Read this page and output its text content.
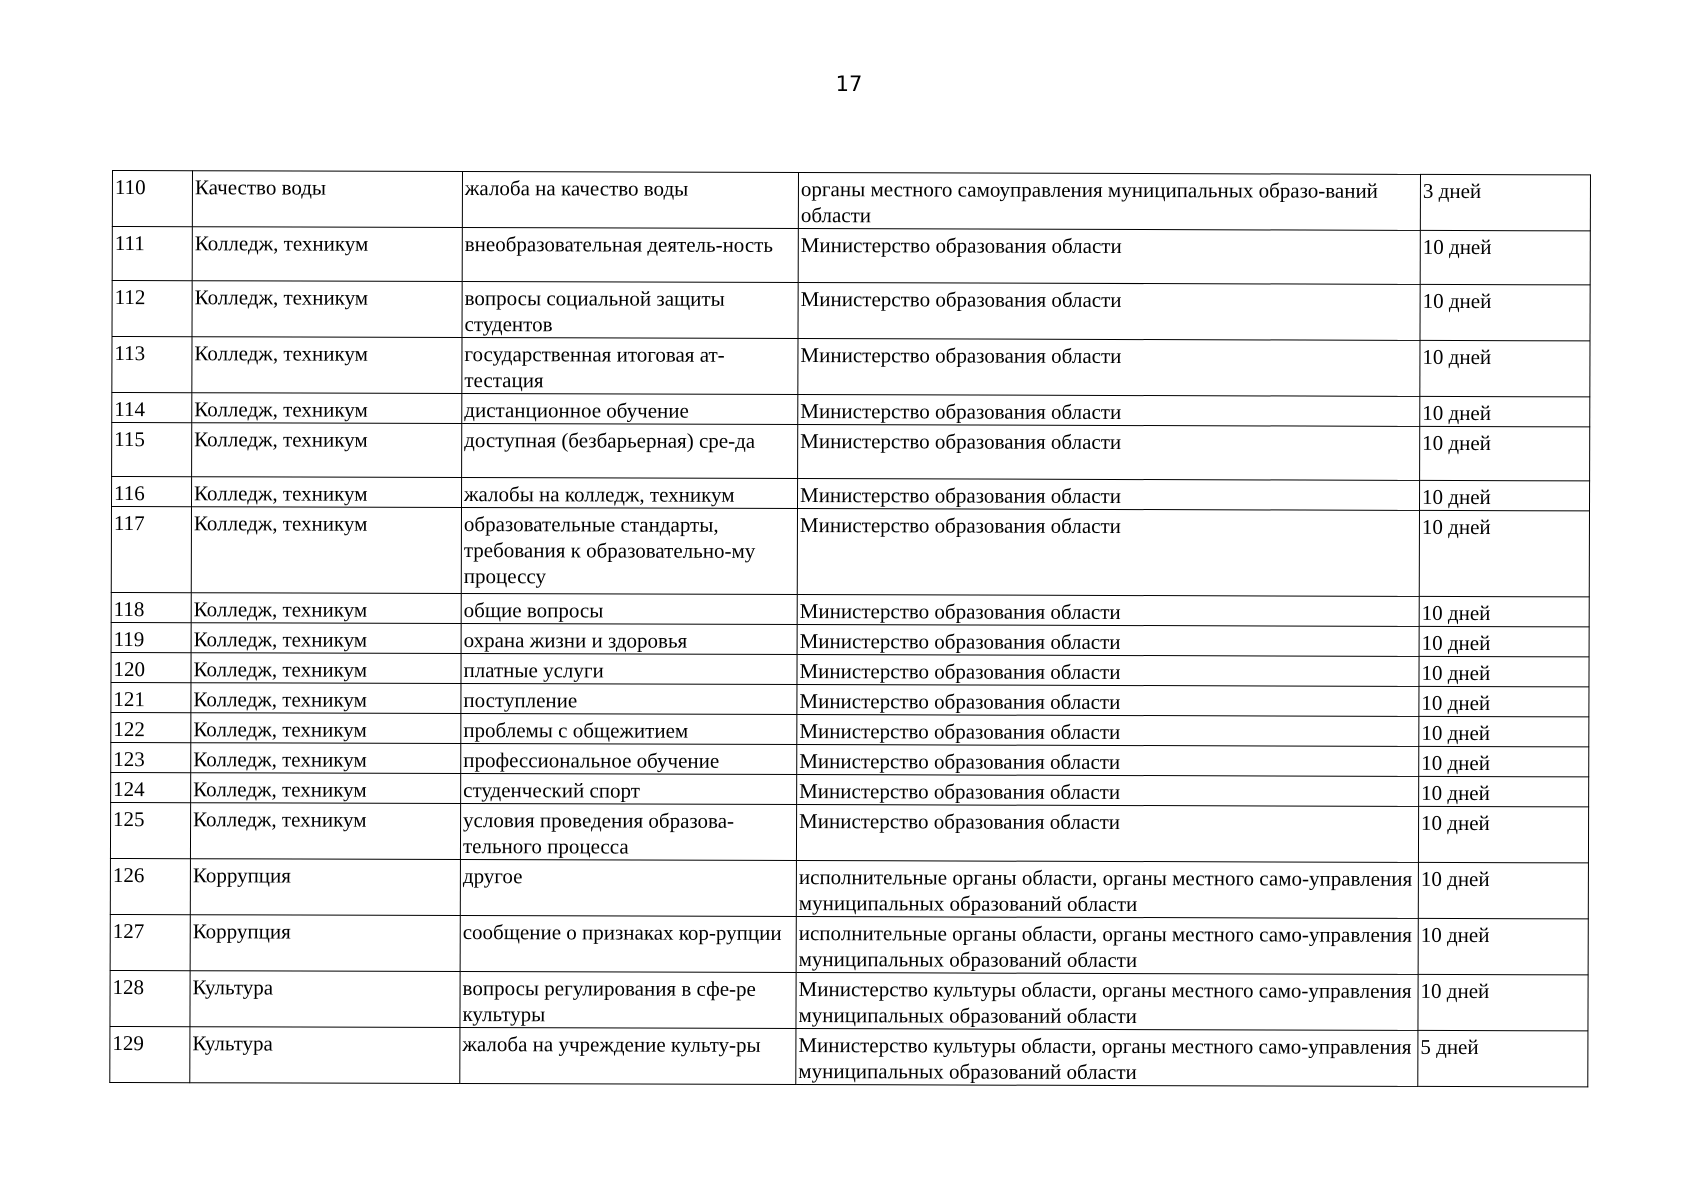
17
110	Качество воды	жалоба на качество воды	органы местного самоуправления муниципальных образо-ваний области	3 дней
111	Колледж, техникум	внеобразовательная деятель-ность	Министерство образования области	10 дней
112	Колледж, техникум	вопросы социальной защиты студентов	Министерство образования области	10 дней
113	Колледж, техникум	государственная итоговая ат-тестация	Министерство образования области	10 дней
114	Колледж, техникум	дистанционное обучение	Министерство образования области	10 дней
115	Колледж, техникум	доступная (безбарьерная) сре-да	Министерство образования области	10 дней
116	Колледж, техникум	жалобы на колледж, техникум	Министерство образования области	10 дней
117	Колледж, техникум	образовательные стандарты, требования к образовательно-му процессу	Министерство образования области	10 дней
118	Колледж, техникум	общие вопросы	Министерство образования области	10 дней
119	Колледж, техникум	охрана жизни и здоровья	Министерство образования области	10 дней
120	Колледж, техникум	платные услуги	Министерство образования области	10 дней
121	Колледж, техникум	поступление	Министерство образования области	10 дней
122	Колледж, техникум	проблемы с общежитием	Министерство образования области	10 дней
123	Колледж, техникум	профессиональное обучение	Министерство образования области	10 дней
124	Колледж, техникум	студенческий спорт	Министерство образования области	10 дней
125	Колледж, техникум	условия проведения образова-тельного процесса	Министерство образования области	10 дней
126	Коррупция	другое	исполнительные органы области, органы местного само-управления муниципальных образований области	10 дней
127	Коррупция	сообщение о признаках кор-рупции	исполнительные органы области, органы местного само-управления муниципальных образований области	10 дней
128	Культура	вопросы регулирования в сфе-ре культуры	Министерство культуры области, органы местного само-управления муниципальных образований области	10 дней
129	Культура	жалоба на учреждение культу-ры	Министерство культуры области, органы местного само-управления муниципальных образований области	5 дней
